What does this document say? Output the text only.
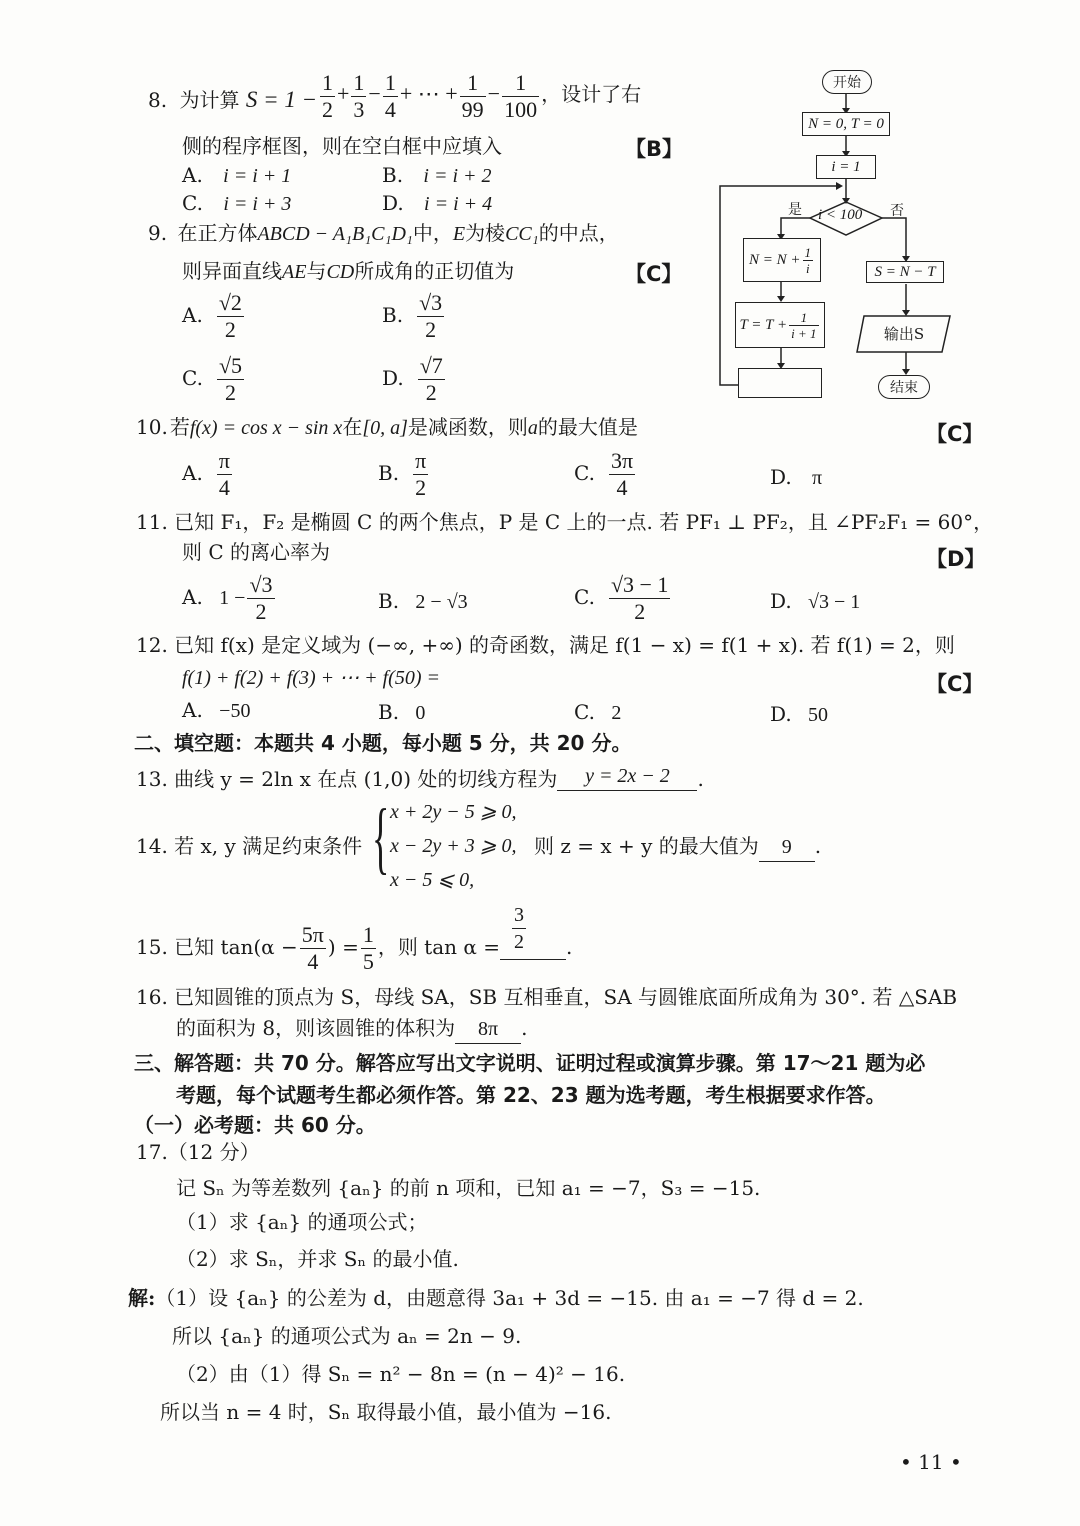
8. 为计算 $S = 1 - \frac{1}{2} + \frac{1}{3} - \frac{1}{4}$ + ⋯ + $\frac{1}{99} - \frac{1}{100}$ ，设计了右
侧的程序框图，则在空白框中应填入	【B】
A. i = i + 1	B. i = i + 2
C. i = i + 3	D. i = i + 4
开始
N = 0, T = 0
i = 1
i < 100
是	否
$N = N + \frac{1}{i}$
$T = T + \frac{1}{i + 1}$
S = N − T
输出S
结束
9. 在正方体ABCD − A₁B₁C₁D₁中，E为棱CC₁的中点，
则异面直线AE与CD所成角的正切值为	【C】
A. $\frac{√2}{2}$	B. $\frac{√3}{2}$
C. $\frac{√5}{2}$	D. $\frac{√7}{2}$
10. 若f(x) = cos x − sin x在[0, a]是减函数，则a的最大值是	【C】
A. $\frac{\pi}{4}$	B. $\frac{\pi}{2}$	C. $\frac{3\pi}{4}$	D. π
11. 已知 F₁，F₂ 是椭圆 C 的两个焦点，P 是 C 上的一点. 若 PF₁ ⊥ PF₂，且 ∠PF₂F₁ = 60°，
则 C 的离心率为	【D】
A. $1 - \frac{√3}{2}$	B. 2 − √3	C. $\frac{√3 - 1}{2}$	D. √3 − 1
12. 已知 f(x) 是定义域为 (−∞, +∞) 的奇函数，满足 f(1 − x) = f(1 + x). 若 f(1) = 2，则
f(1) + f(2) + f(3) + ⋯ + f(50) =	【C】
A. −50	B. 0	C. 2	D. 50
二、填空题：本题共 4 小题，每小题 5 分，共 20 分。
13. 曲线 y = 2ln x 在点 (1,0) 处的切线方程为 y = 2x − 2 .
14. 若 x, y 满足约束条件 { x + 2y − 5 ⩾ 0,
x − 2y + 3 ⩾ 0,
x − 5 ⩽ 0,
则 z = x + y 的最大值为 9 .
15. 已知 $\tan(\alpha - \frac{5\pi}{4}$ ) = $\frac{1}{5}$ ，则 tan α =	.
$\frac{3}{2}$
16. 已知圆锥的顶点为 S，母线 SA，SB 互相垂直，SA 与圆锥底面所成角为 30°. 若 △SAB
的面积为 8，则该圆锥的体积为 8π .
三、解答题：共 70 分。解答应写出文字说明、证明过程或演算步骤。第 17～21 题为必
考题，每个试题考生都必须作答。第 22、23 题为选考题，考生根据要求作答。
（一）必考题：共 60 分。
17.（12 分）
记 Sₙ 为等差数列 {aₙ} 的前 n 项和，已知 a₁ = −7，S₃ = −15.
（1）求 {aₙ} 的通项公式；
（2）求 Sₙ，并求 Sₙ 的最小值.
解:（1）设 {aₙ} 的公差为 d，由题意得 3a₁ + 3d = −15. 由 a₁ = −7 得 d = 2.
所以 {aₙ} 的通项公式为 aₙ = 2n − 9.
（2）由（1）得 Sₙ = n² − 8n = (n − 4)² − 16.
所以当 n = 4 时，Sₙ 取得最小值，最小值为 −16.
• 11 •
